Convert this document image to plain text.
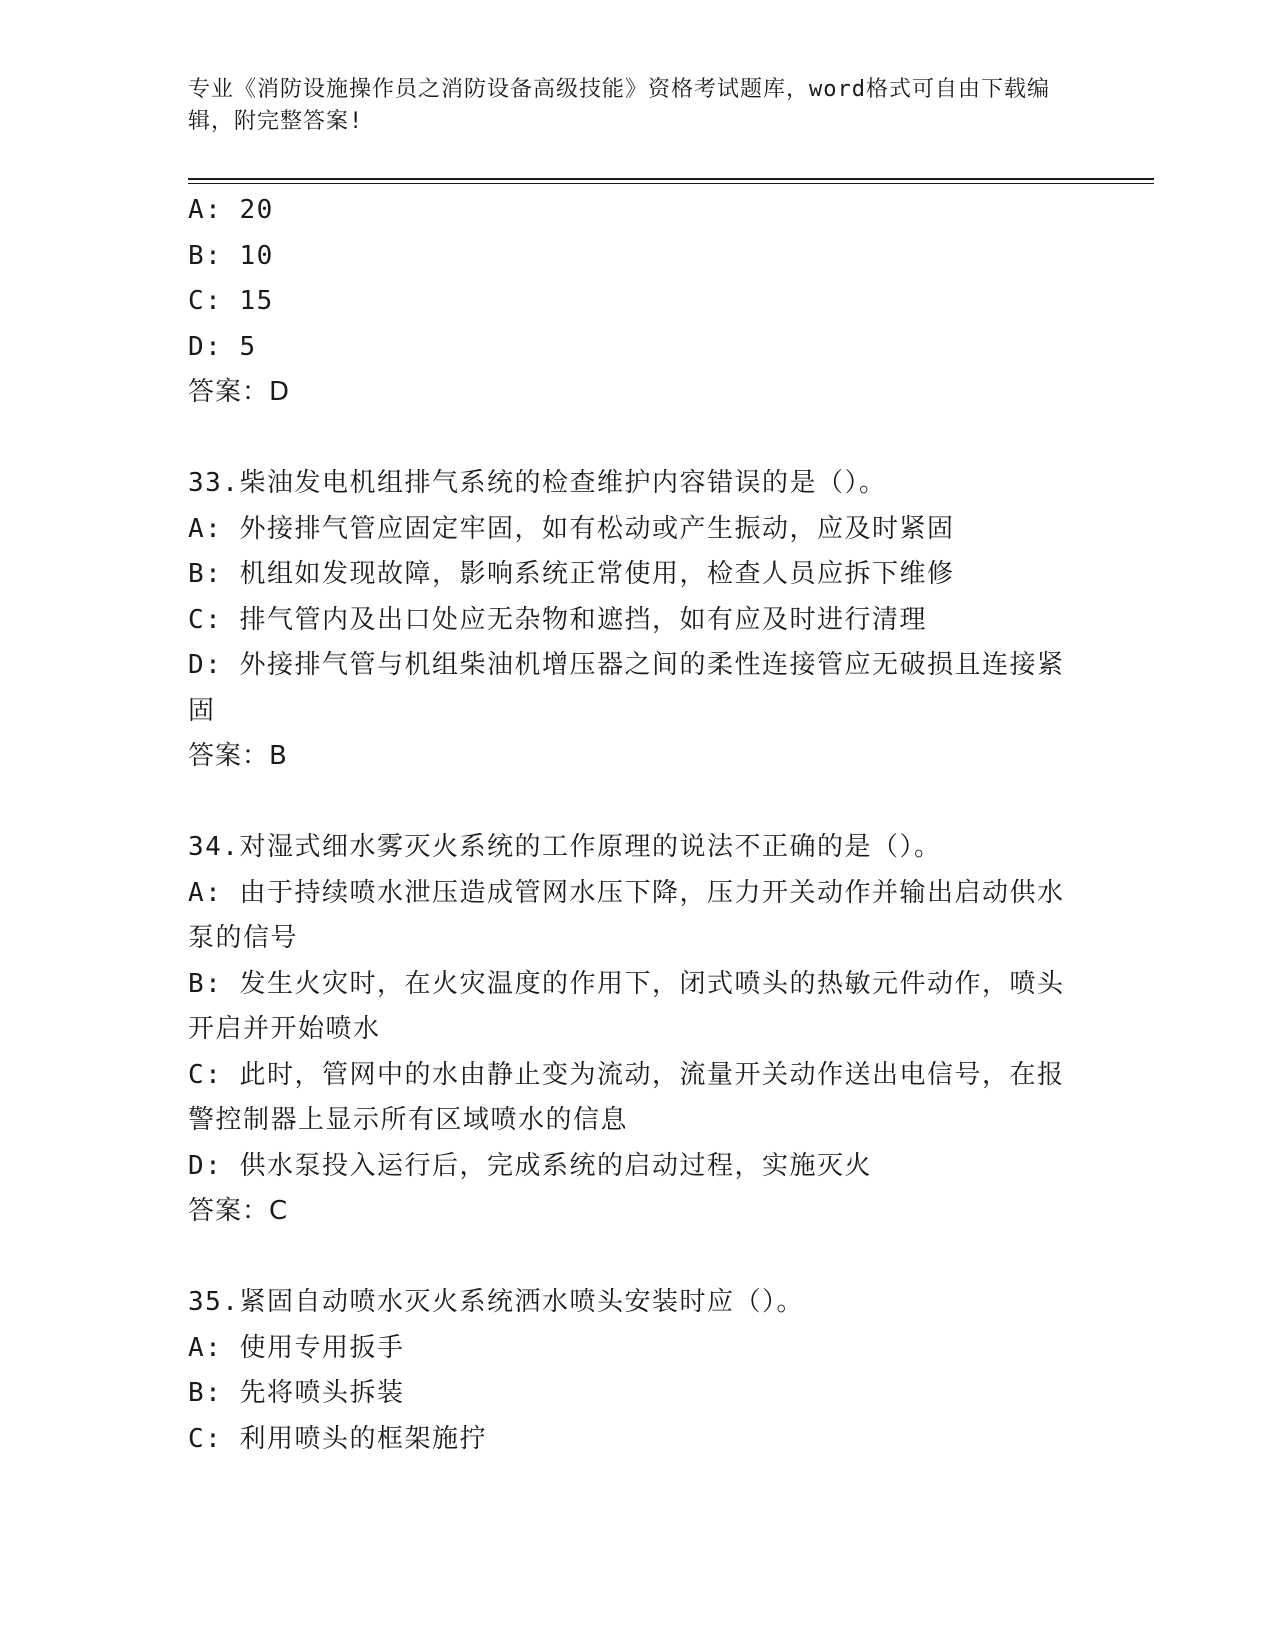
专业《消防设施操作员之消防设备高级技能》资格考试题库，word格式可自由下载编辑，附完整答案!

A: 20

B: 10

C: 15

D: 5

答案：D

33.柴油发电机组排气系统的检查维护内容错误的是（）。

A: 外接排气管应固定牢固，如有松动或产生振动，应及时紧固

B: 机组如发现故障，影响系统正常使用，检查人员应拆下维修

C: 排气管内及出口处应无杂物和遮挡，如有应及时进行清理

D: 外接排气管与机组柴油机增压器之间的柔性连接管应无破损且连接紧固

答案：B

34.对湿式细水雾灭火系统的工作原理的说法不正确的是（）。

A: 由于持续喷水泄压造成管网水压下降，压力开关动作并输出启动供水泵的信号

B: 发生火灾时，在火灾温度的作用下，闭式喷头的热敏元件动作，喷头开启并开始喷水

C: 此时，管网中的水由静止变为流动，流量开关动作送出电信号，在报警控制器上显示所有区域喷水的信息

D: 供水泵投入运行后，完成系统的启动过程，实施灭火

答案：C

35.紧固自动喷水灭火系统洒水喷头安装时应（）。

A: 使用专用扳手

B: 先将喷头拆装

C: 利用喷头的框架施拧
